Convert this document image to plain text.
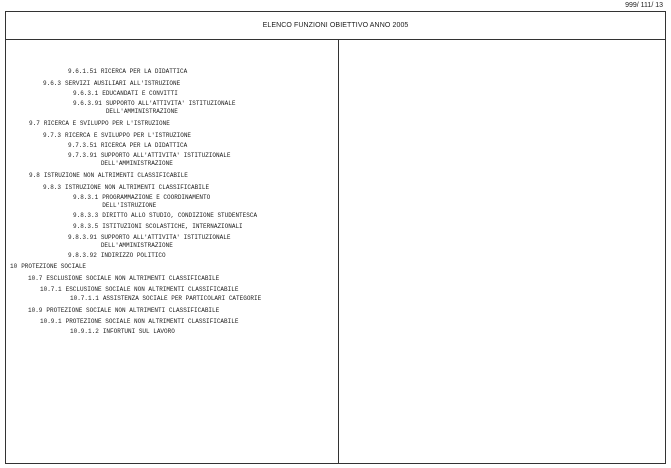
999/ 111/ 13
ELENCO FUNZIONI OBIETTIVO ANNO 2005
9.6.1.51 RICERCA PER LA DIDATTICA
9.6.3 SERVIZI AUSILIARI ALL'ISTRUZIONE
9.6.3.1 EDUCANDATI E CONVITTI
9.6.3.91 SUPPORTO ALL'ATTIVITA' ISTITUZIONALE
DELL'AMMINISTRAZIONE
9.7 RICERCA E SVILUPPO PER L'ISTRUZIONE
9.7.3 RICERCA E SVILUPPO PER L'ISTRUZIONE
9.7.3.51 RICERCA PER LA DIDATTICA
9.7.3.91 SUPPORTO ALL'ATTIVITA' ISTITUZIONALE
DELL'AMMINISTRAZIONE
9.8 ISTRUZIONE NON ALTRIMENTI CLASSIFICABILE
9.8.3 ISTRUZIONE NON ALTRIMENTI CLASSIFICABILE
9.8.3.1 PROGRAMMAZIONE E COORDINAMENTO
DELL'ISTRUZIONE
9.8.3.3 DIRITTO ALLO STUDIO, CONDIZIONE STUDENTESCA
9.8.3.5 ISTITUZIONI SCOLASTICHE, INTERNAZIONALI
9.8.3.91 SUPPORTO ALL'ATTIVITA' ISTITUZIONALE
DELL'AMMINISTRAZIONE
9.8.3.92 INDIRIZZO POLITICO
10 PROTEZIONE SOCIALE
10.7 ESCLUSIONE SOCIALE NON ALTRIMENTI CLASSIFICABILE
10.7.1 ESCLUSIONE SOCIALE NON ALTRIMENTI CLASSIFICABILE
10.7.1.1 ASSISTENZA SOCIALE PER PARTICOLARI CATEGORIE
10.9 PROTEZIONE SOCIALE NON ALTRIMENTI CLASSIFICABILE
10.9.1 PROTEZIONE SOCIALE NON ALTRIMENTI CLASSIFICABILE
10.9.1.2 INFORTUNI SUL LAVORO
